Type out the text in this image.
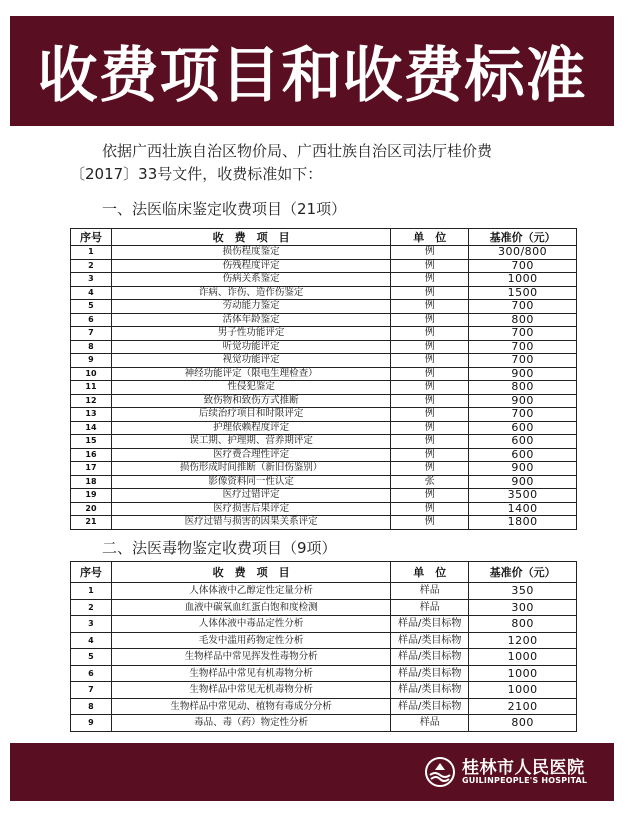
收费项目和收费标准

依据广西壮族自治区物价局、广西壮族自治区司法厅桂价费

〔2017〕33号文件，收费标准如下：

一、法医临床鉴定收费项目（21项）
序号	收　费　项　目	单　位	基准价（元）
1	损伤程度鉴定	例	300/800
2	伤残程度评定	例	700
3	伤病关系鉴定	例	1000
4	诈病、诈伤、造作伤鉴定	例	1500
5	劳动能力鉴定	例	700
6	活体年龄鉴定	例	800
7	男子性功能评定	例	700
8	听觉功能评定	例	700
9	视觉功能评定	例	700
10	神经功能评定（限电生理检查）	例	900
11	性侵犯鉴定	例	800
12	致伤物和致伤方式推断	例	900
13	后续治疗项目和时限评定	例	700
14	护理依赖程度评定	例	600
15	误工期、护理期、营养期评定	例	600
16	医疗费合理性评定	例	600
17	损伤形成时间推断（新旧伤鉴别）	例	900
18	影像资料同一性认定	张	900
19	医疗过错评定	例	3500
20	医疗损害后果评定	例	1400
21	医疗过错与损害的因果关系评定	例	1800
二、法医毒物鉴定收费项目（9项）
序号	收　费　项　目	单　位	基准价（元）
1	人体体液中乙醇定性定量分析	样品	350
2	血液中碳氧血红蛋白饱和度检测	样品	300
3	人体体液中毒品定性分析	样品/类目标物	800
4	毛发中滥用药物定性分析	样品/类目标物	1200
5	生物样品中常见挥发性毒物分析	样品/类目标物	1000
6	生物样品中常见有机毒物分析	样品/类目标物	1000
7	生物样品中常见无机毒物分析	样品/类目标物	1000
8	生物样品中常见动、植物有毒成分分析	样品/类目标物	2100
9	毒品、毒（药）物定性分析	样品	800
桂林市人民医院
GUILINPEOPLE'S HOSPITAL
